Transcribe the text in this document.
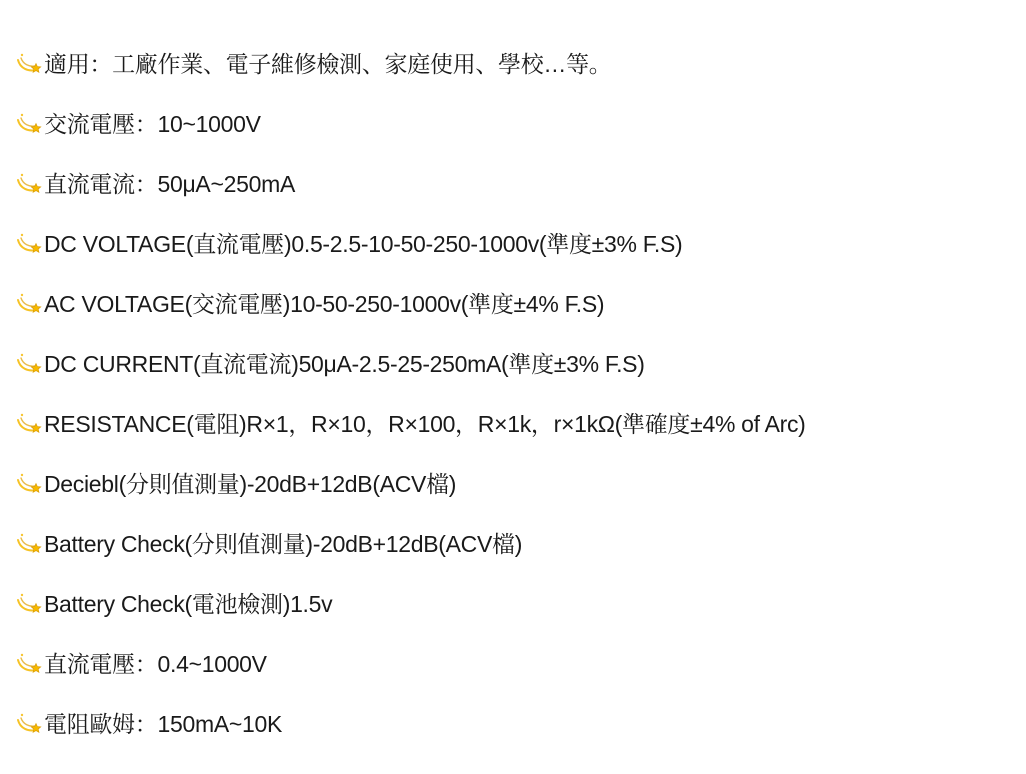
適用：工廠作業、電子維修檢測、家庭使用、學校…等。
交流電壓：10~1000V
直流電流：50μA~250mA
DC VOLTAGE(直流電壓)0.5-2.5-10-50-250-1000v(準度±3% F.S)
AC VOLTAGE(交流電壓)10-50-250-1000v(準度±4% F.S)
DC CURRENT(直流電流)50μA-2.5-25-250mA(準度±3% F.S)
RESISTANCE(電阻)R×1，R×10，R×100，R×1k，r×1kΩ(準確度±4% of Arc)
Deciebl(分則值測量)-20dB+12dB(ACV檔)
Battery Check(分則值測量)-20dB+12dB(ACV檔)
Battery Check(電池檢測)1.5v
直流電壓：0.4~1000V
電阻歐姆：150mA~10K
